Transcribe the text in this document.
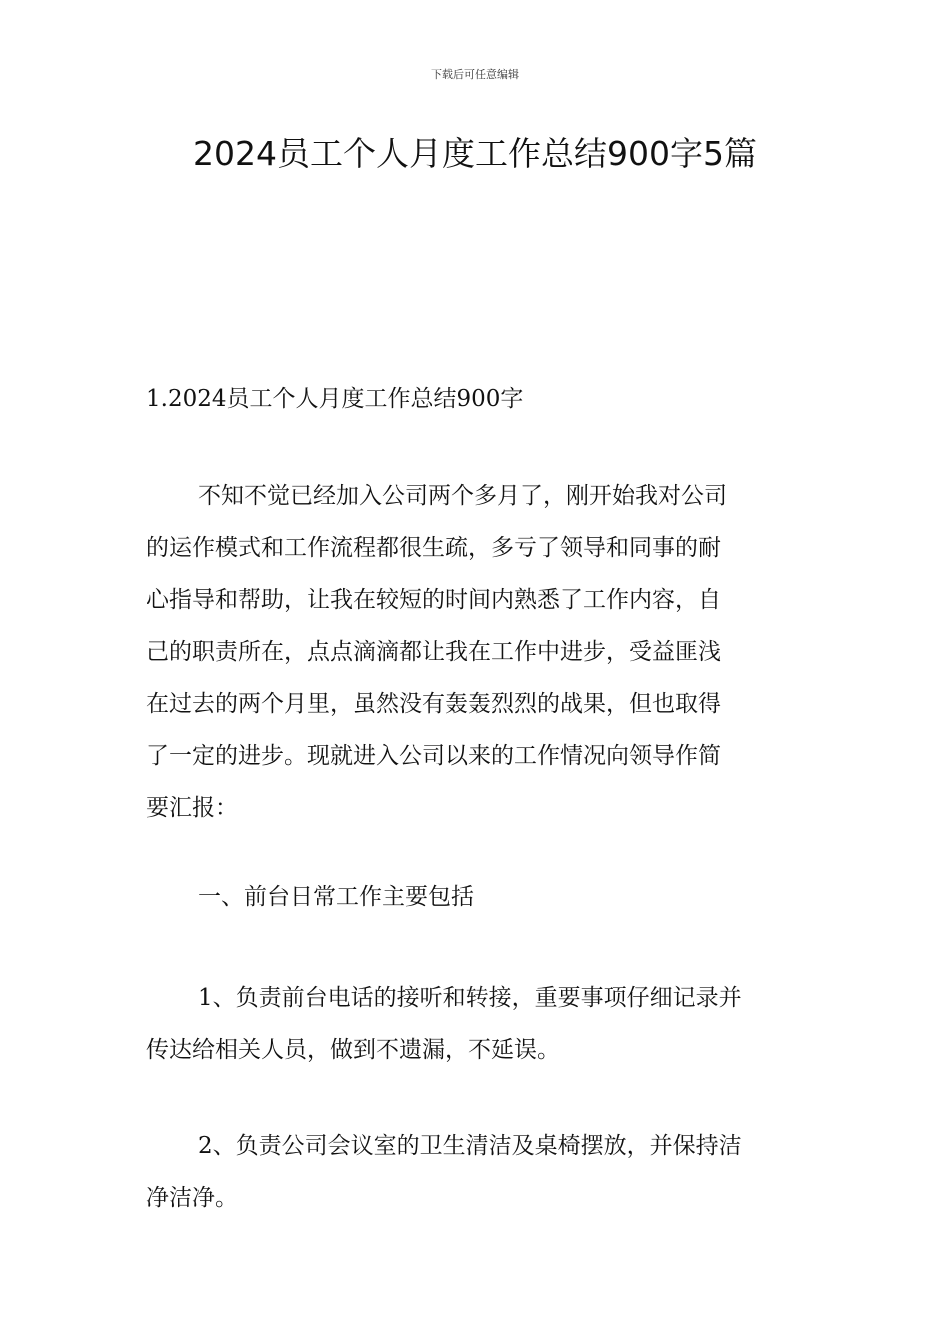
下载后可任意编辑
2024员工个人月度工作总结900字5篇

1.2024员工个人月度工作总结900字

不知不觉已经加入公司两个多月了，刚开始我对公司
的运作模式和工作流程都很生疏，多亏了领导和同事的耐
心指导和帮助，让我在较短的时间内熟悉了工作内容，自
己的职责所在，点点滴滴都让我在工作中进步，受益匪浅
在过去的两个月里，虽然没有轰轰烈烈的战果，但也取得
了一定的进步。现就进入公司以来的工作情况向领导作简
要汇报：
一、前台日常工作主要包括
1、负责前台电话的接听和转接，重要事项仔细记录并
传达给相关人员，做到不遗漏，不延误。
2、负责公司会议室的卫生清洁及桌椅摆放，并保持洁
净洁净。
